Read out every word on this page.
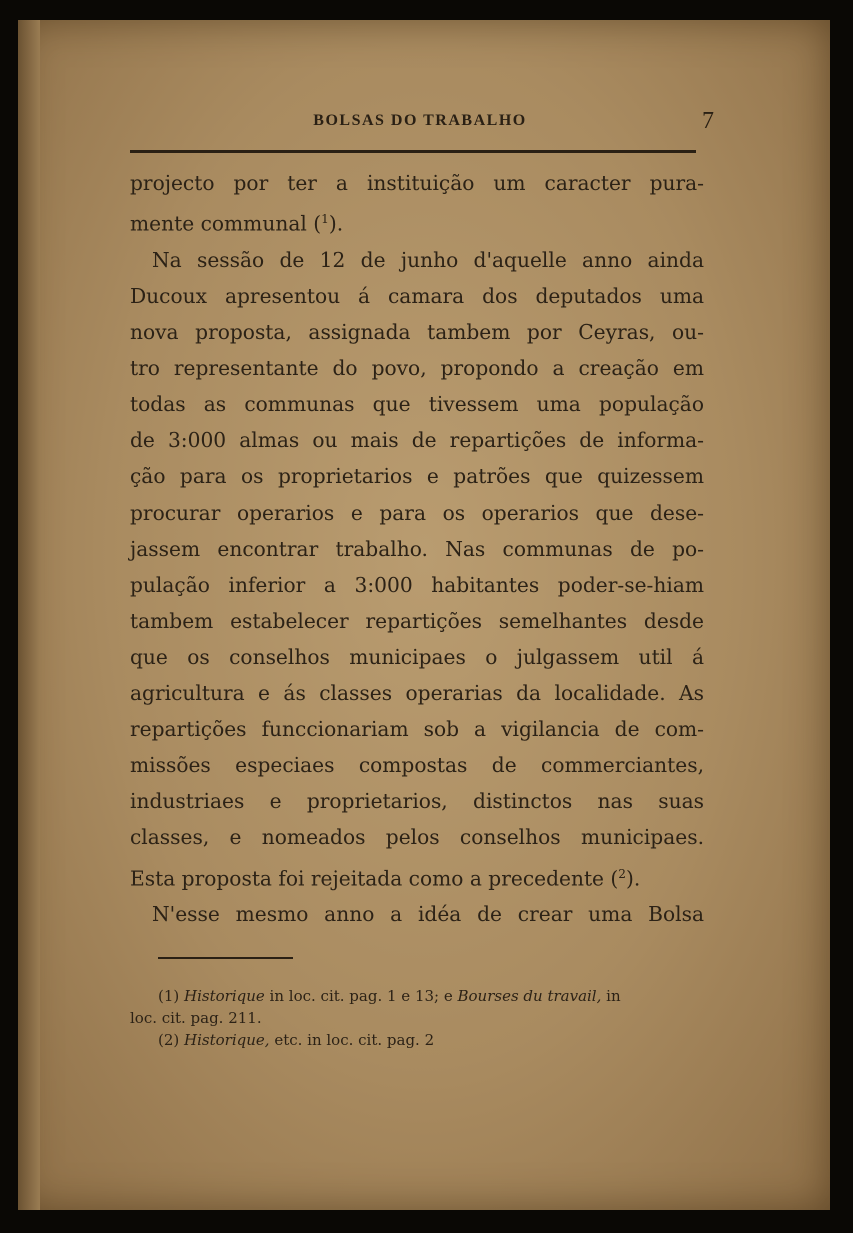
BOLSAS DO TRABALHO	7
projecto por ter a instituição um caracter pura-
mente communal ($^1$).
Na sessão de 12 de junho d'aquelle anno ainda
Ducoux apresentou á camara dos deputados uma
nova proposta, assignada tambem por Ceyras, ou-
tro representante do povo, propondo a creação em
todas as communas que tivessem uma população
de 3:000 almas ou mais de repartições de informa-
ção para os proprietarios e patrões que quizessem
procurar operarios e para os operarios que dese-
jassem encontrar trabalho. Nas communas de po-
pulação inferior a 3:000 habitantes poder-se-hiam
tambem estabelecer repartições semelhantes desde
que os conselhos municipaes o julgassem util á
agricultura e ás classes operarias da localidade. As
repartições funccionariam sob a vigilancia de com-
missões especiaes compostas de commerciantes,
industriaes e proprietarios, distinctos nas suas
classes, e nomeados pelos conselhos municipaes.
Esta proposta foi rejeitada como a precedente ($^2$).
N'esse mesmo anno a idéa de crear uma Bolsa
(1) Historique in loc. cit. pag. 1 e 13; e Bourses du travail, in
loc. cit. pag. 211.
(2) Historique, etc. in loc. cit. pag. 2
